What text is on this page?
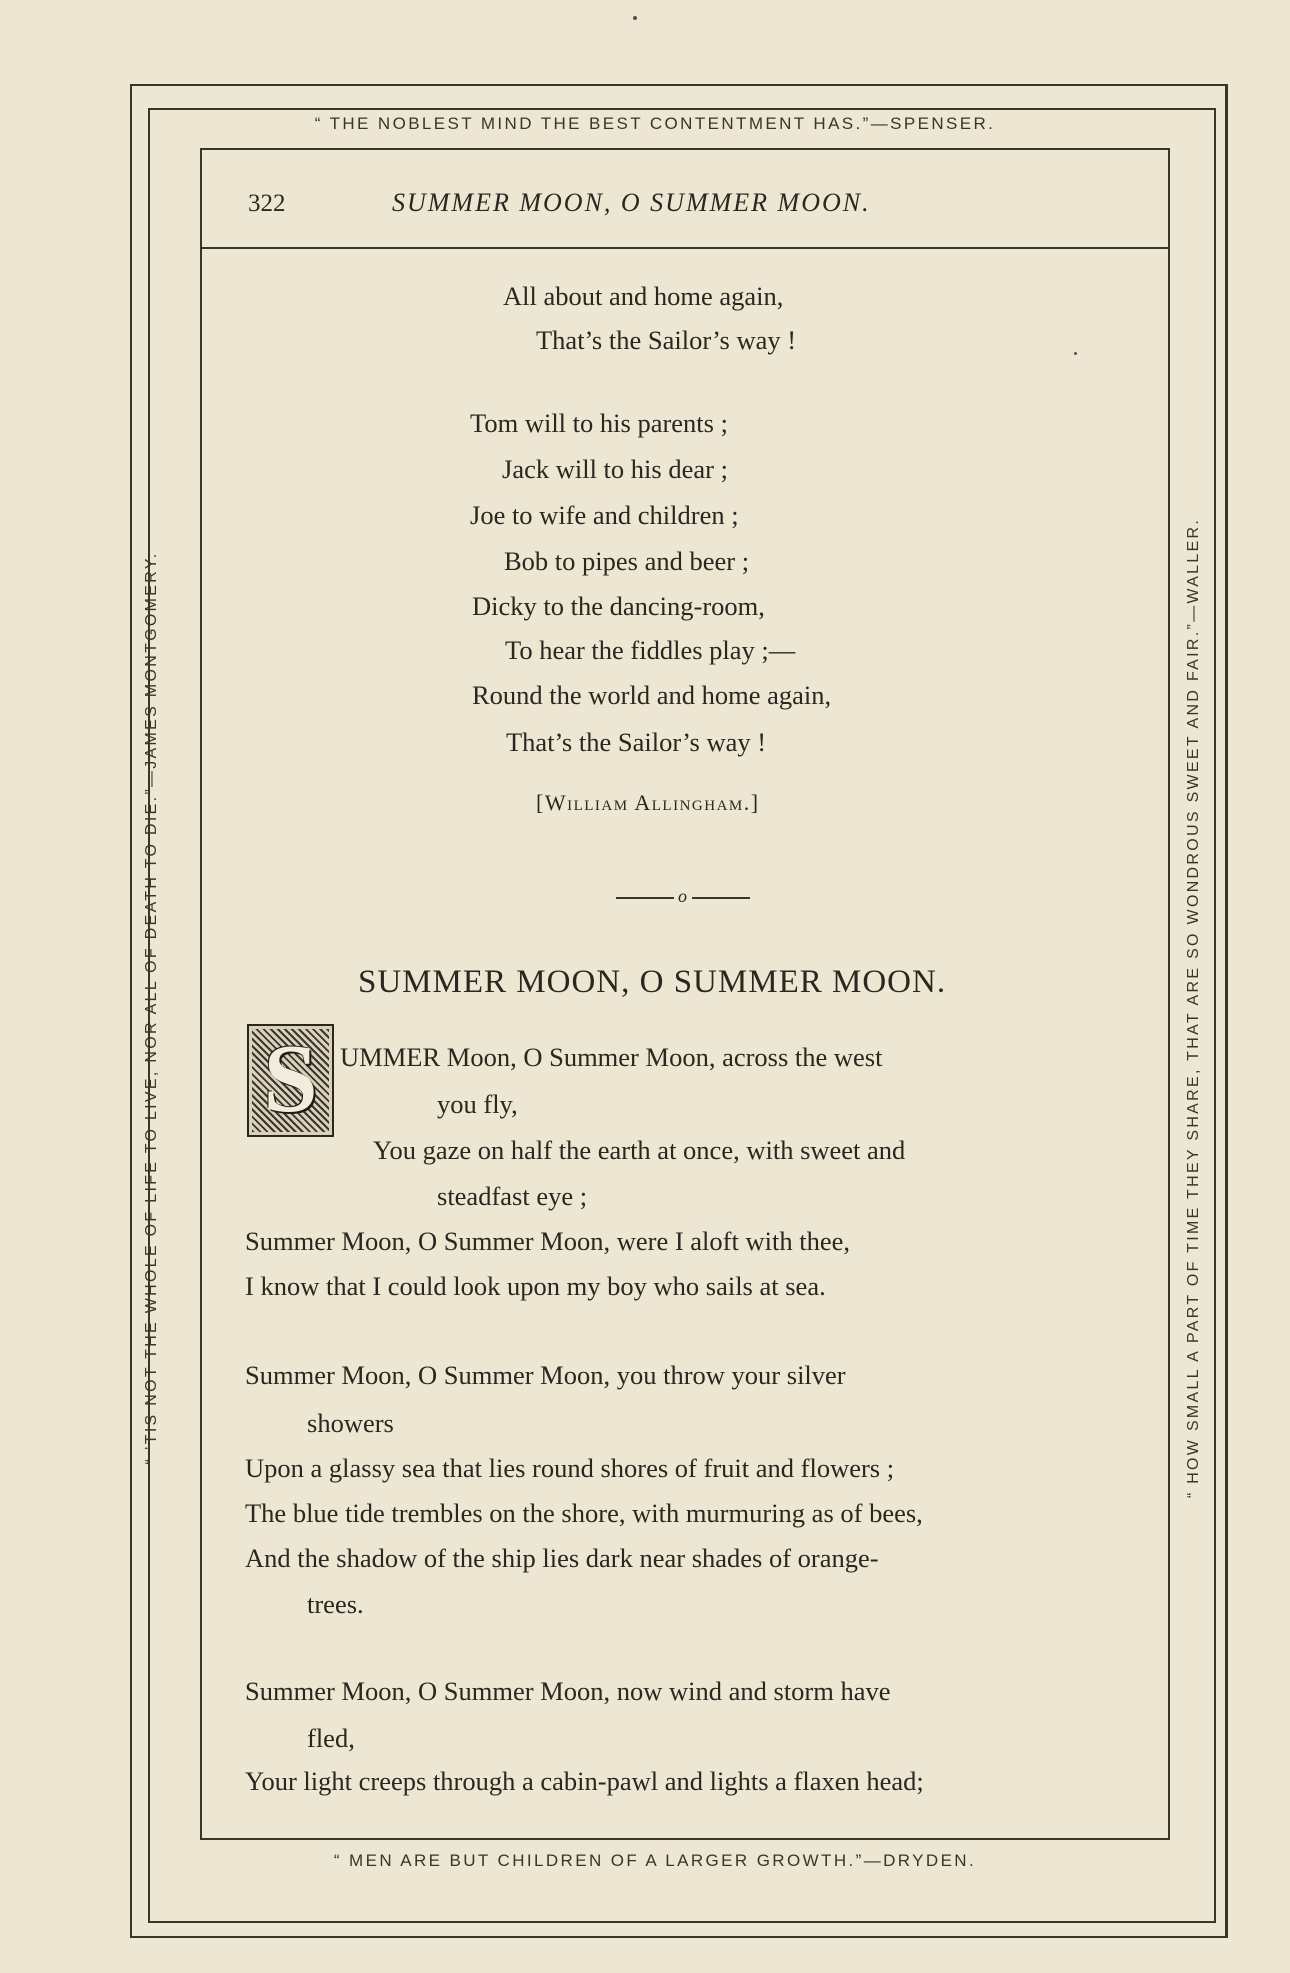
“ THE NOBLEST MIND THE BEST CONTENTMENT HAS.”—SPENSER.
“ MEN ARE BUT CHILDREN OF A LARGER GROWTH.”—DRYDEN.
“ ’TIS NOT THE WHOLE OF LIFE TO LIVE, NOR ALL OF DEATH TO DIE.”—JAMES MONTGOMERY.	“ HOW SMALL A PART OF TIME THEY SHARE, THAT ARE SO WONDROUS SWEET AND FAIR.”—WALLER.
322	SUMMER MOON, O SUMMER MOON.
All about and home again,
That’s the Sailor’s way !
Tom will to his parents ;
Jack will to his dear ;
Joe to wife and children ;
Bob to pipes and beer ;
Dicky to the dancing-room,
To hear the fiddles play ;—
Round the world and home again,
That’s the Sailor’s way !
[William Allingham.]
o
SUMMER MOON, O SUMMER MOON.
S UMMER Moon, O Summer Moon, across the west
you fly,
You gaze on half the earth at once, with sweet and
steadfast eye ;
Summer Moon, O Summer Moon, were I aloft with thee,
I know that I could look upon my boy who sails at sea.
Summer Moon, O Summer Moon, you throw your silver
showers
Upon a glassy sea that lies round shores of fruit and flowers ;
The blue tide trembles on the shore, with murmuring as of bees,
And the shadow of the ship lies dark near shades of orange-
trees.
Summer Moon, O Summer Moon, now wind and storm have
fled,
Your light creeps through a cabin-pawl and lights a flaxen head;
